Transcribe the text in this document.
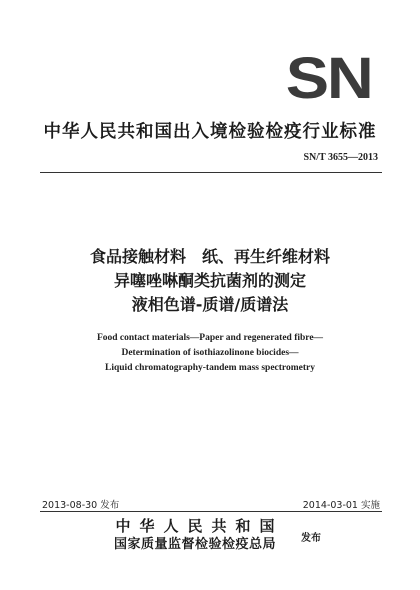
SN
中华人民共和国出入境检验检疫行业标准
SN/T 3655—2013
食品接触材料　纸、再生纤维材料
异噻唑啉酮类抗菌剂的测定
液相色谱-质谱/质谱法
Food contact materials—Paper and regenerated fibre—
Determination of isothiazolinone biocides—
Liquid chromatography-tandem mass spectrometry
2013-08-30 发布	2014-03-01 实施
中华人民共和国
国家质量监督检验检疫总局	发布
